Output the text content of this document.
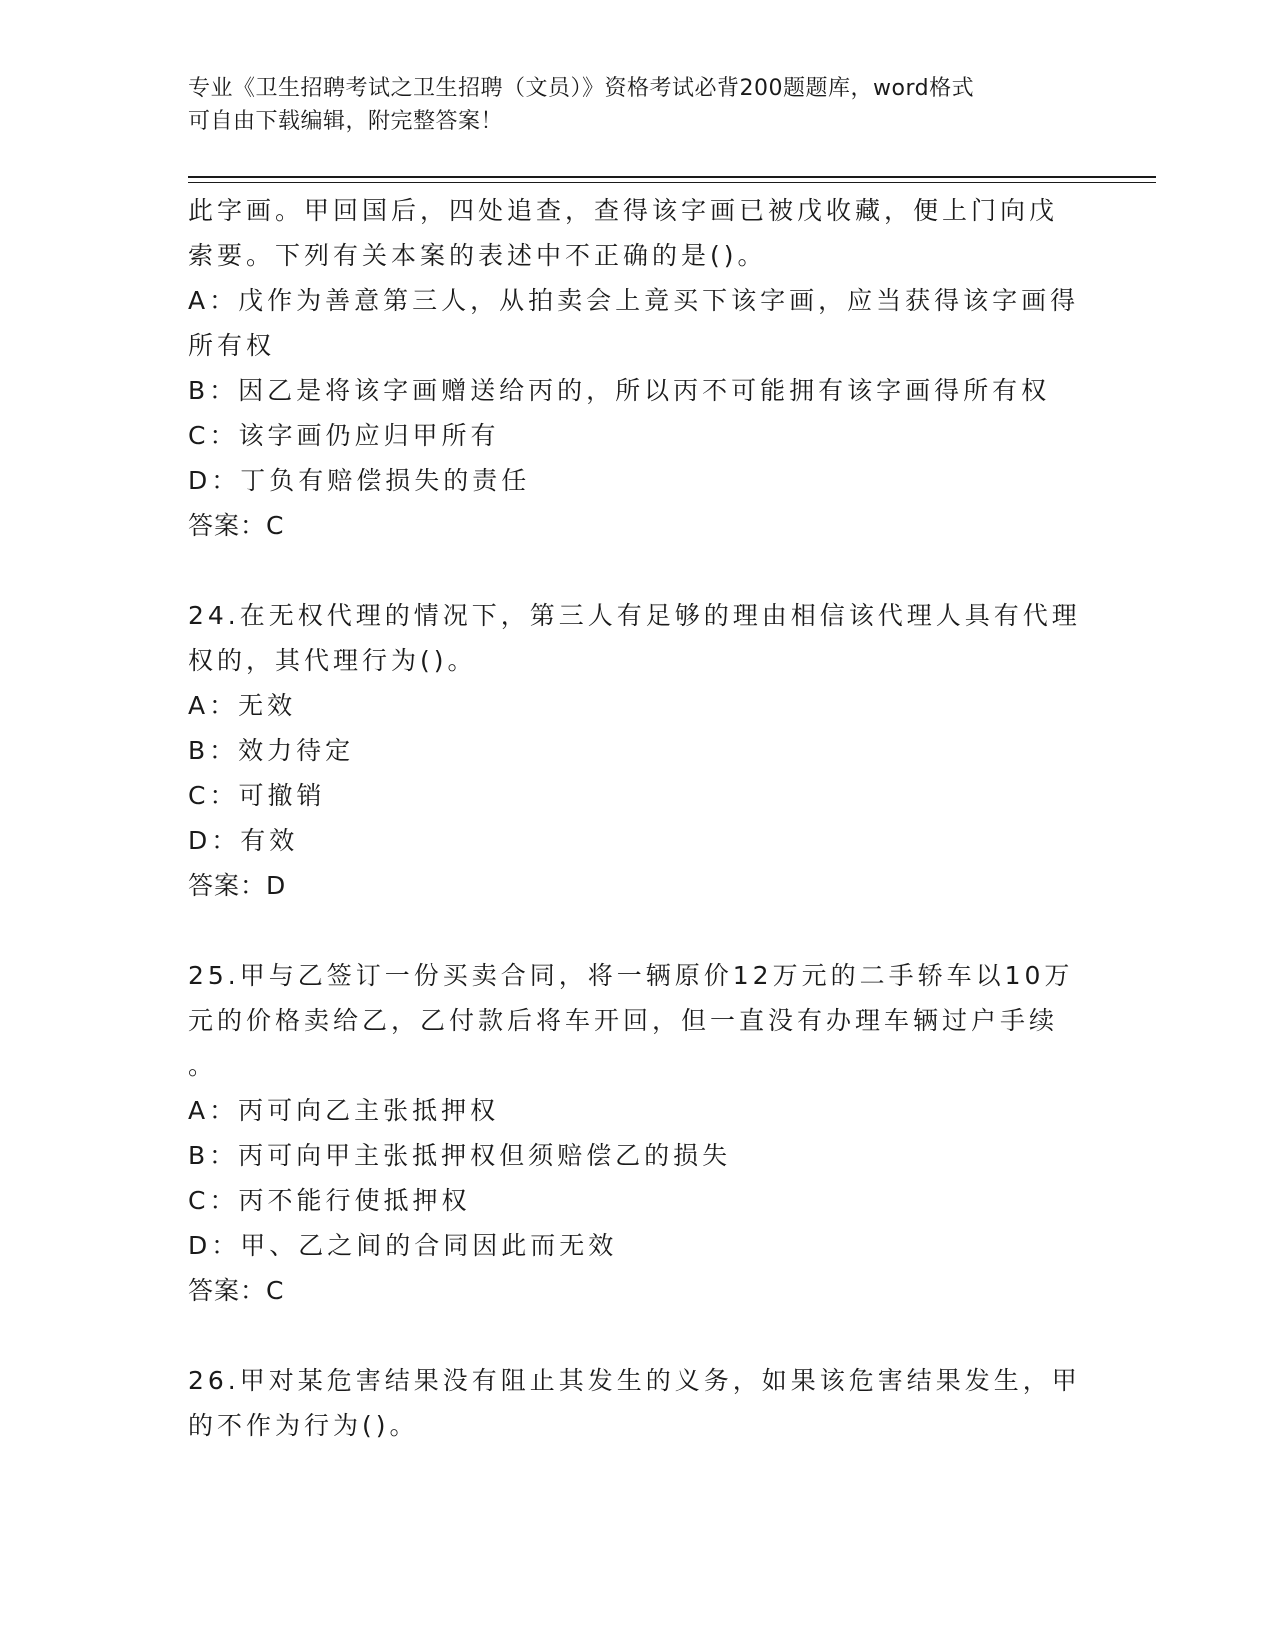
专业《卫生招聘考试之卫生招聘（文员）》资格考试必背200题题库，word格式
可自由下载编辑，附完整答案！
此字画。甲回国后，四处追查，查得该字画已被戊收藏，便上门向戊
索要。下列有关本案的表述中不正确的是()。
A：戊作为善意第三人，从拍卖会上竟买下该字画，应当获得该字画得
所有权
B：因乙是将该字画赠送给丙的，所以丙不可能拥有该字画得所有权
C：该字画仍应归甲所有
D：丁负有赔偿损失的责任
答案：C
24.在无权代理的情况下，第三人有足够的理由相信该代理人具有代理
权的，其代理行为()。
A：无效
B：效力待定
C：可撤销
D：有效
答案：D
25.甲与乙签订一份买卖合同，将一辆原价12万元的二手轿车以10万
元的价格卖给乙，乙付款后将车开回，但一直没有办理车辆过户手续
。
A：丙可向乙主张抵押权
B：丙可向甲主张抵押权但须赔偿乙的损失
C：丙不能行使抵押权
D：甲、乙之间的合同因此而无效
答案：C
26.甲对某危害结果没有阻止其发生的义务，如果该危害结果发生，甲
的不作为行为()。
